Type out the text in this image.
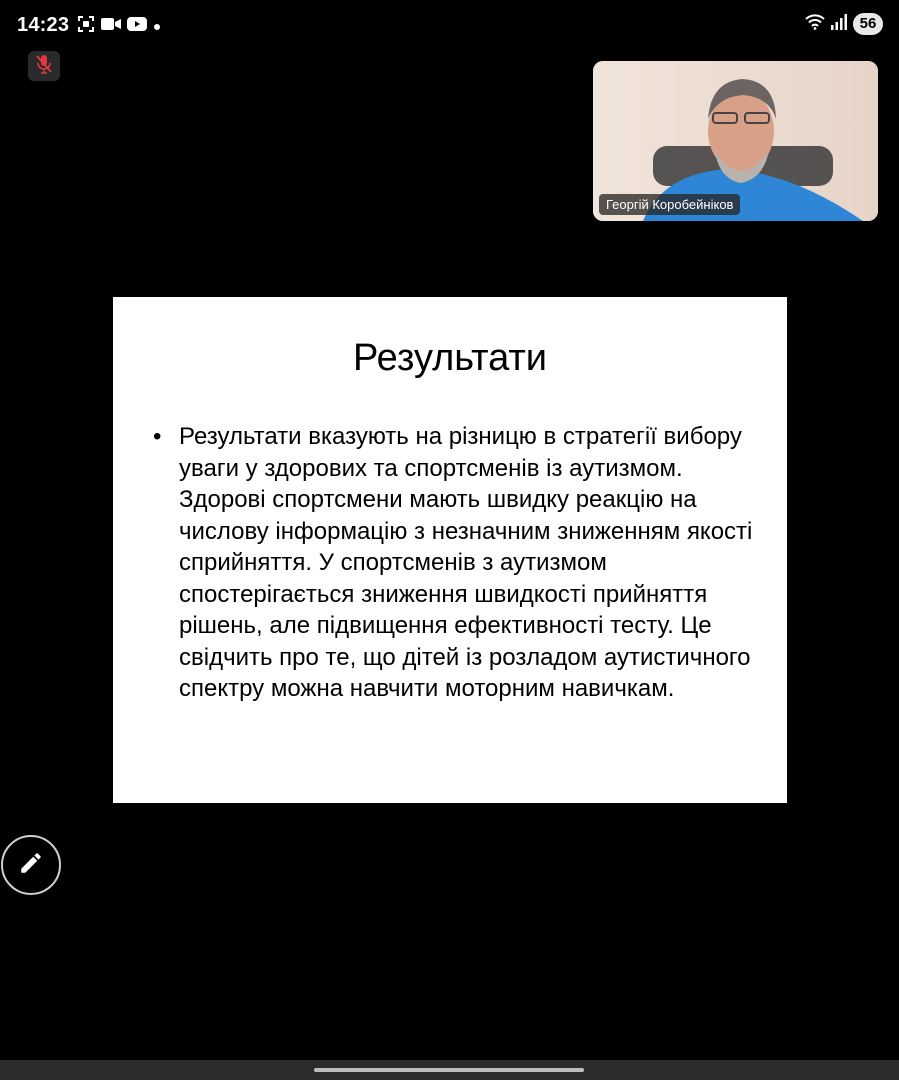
14:23	56
Георгій Коробейніков
Результати
• Результати вказують на різницю в стратегії вибору уваги у здорових та спортсменів із аутизмом. Здорові спортсмени мають швидку реакцію на числову інформацію з незначним зниженням якості сприйняття. У спортсменів з аутизмом спостерігається зниження швидкості прийняття рішень, але підвищення ефективності тесту. Це свідчить про те, що дітей із розладом аутистичного спектру можна навчити моторним навичкам.
